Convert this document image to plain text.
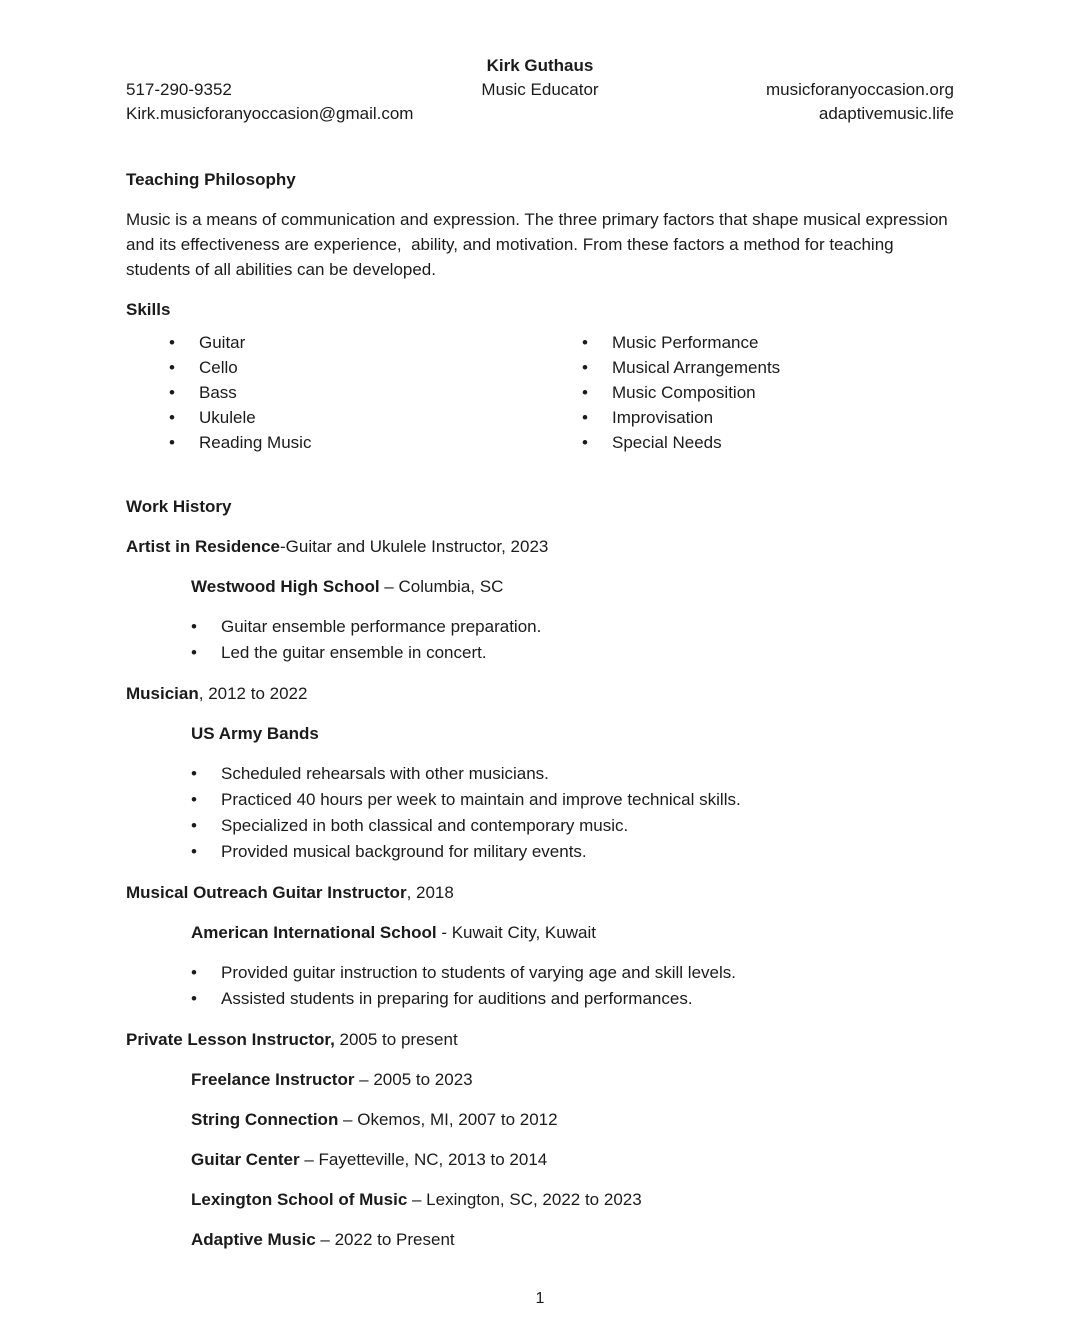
Kirk Guthaus
517-290-9352	Music Educator	musicforanyoccasion.org
Kirk.musicforanyoccasion@gmail.com	adaptivemusic.life
Teaching Philosophy

Music is a means of communication and expression. The three primary factors that shape musical expression and its effectiveness are experience,  ability, and motivation. From these factors a method for teaching students of all abilities can be developed.

Skills
• Guitar
• Cello
• Bass
• Ukulele
• Reading Music
• Music Performance
• Musical Arrangements
• Music Composition
• Improvisation
• Special Needs
Work History

Artist in Residence-Guitar and Ukulele Instructor, 2023

Westwood High School – Columbia, SC

• Guitar ensemble performance preparation.
• Led the guitar ensemble in concert.

Musician, 2012 to 2022

US Army Bands

• Scheduled rehearsals with other musicians.
• Practiced 40 hours per week to maintain and improve technical skills.
• Specialized in both classical and contemporary music.
• Provided musical background for military events.

Musical Outreach Guitar Instructor, 2018

American International School - Kuwait City, Kuwait

• Provided guitar instruction to students of varying age and skill levels.
• Assisted students in preparing for auditions and performances.

Private Lesson Instructor, 2005 to present

Freelance Instructor – 2005 to 2023

String Connection – Okemos, MI, 2007 to 2012

Guitar Center – Fayetteville, NC, 2013 to 2014

Lexington School of Music – Lexington, SC, 2022 to 2023

Adaptive Music – 2022 to Present

1
